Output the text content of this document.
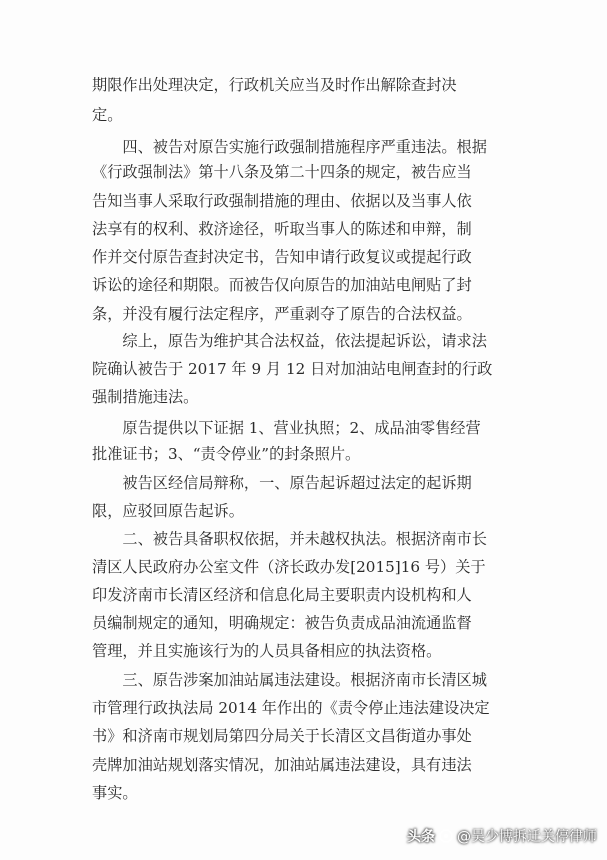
期限作出处理决定，行政机关应当及时作出解除查封决
定。
　　四、被告对原告实施行政强制措施程序严重违法。根据
《行政强制法》第十八条及第二十四条的规定，被告应当
告知当事人采取行政强制措施的理由、依据以及当事人依
法享有的权利、救济途径，听取当事人的陈述和申辩，制
作并交付原告查封决定书，告知申请行政复议或提起行政
诉讼的途径和期限。而被告仅向原告的加油站电闸贴了封
条，并没有履行法定程序，严重剥夺了原告的合法权益。
　　综上，原告为维护其合法权益，依法提起诉讼，请求法
院确认被告于 2017 年 9 月 12 日对加油站电闸查封的行政
强制措施违法。
　　原告提供以下证据 1、营业执照；2、成品油零售经营
批准证书；3、“责令停业”的封条照片。
　　被告区经信局辩称，一、原告起诉超过法定的起诉期
限，应驳回原告起诉。
　　二、被告具备职权依据，并未越权执法。根据济南市长
清区人民政府办公室文件（济长政办发[2015]16 号）关于
印发济南市长清区经济和信息化局主要职责内设机构和人
员编制规定的通知，明确规定：被告负责成品油流通监督
管理，并且实施该行为的人员具备相应的执法资格。
　　三、原告涉案加油站属违法建设。根据济南市长清区城
市管理行政执法局 2014 年作出的《责令停止违法建设决定
书》和济南市规划局第四分局关于长清区文昌街道办事处
壳牌加油站规划落实情况，加油站属违法建设，具有违法
事实。
头条 @吴少博拆迁关停律师
